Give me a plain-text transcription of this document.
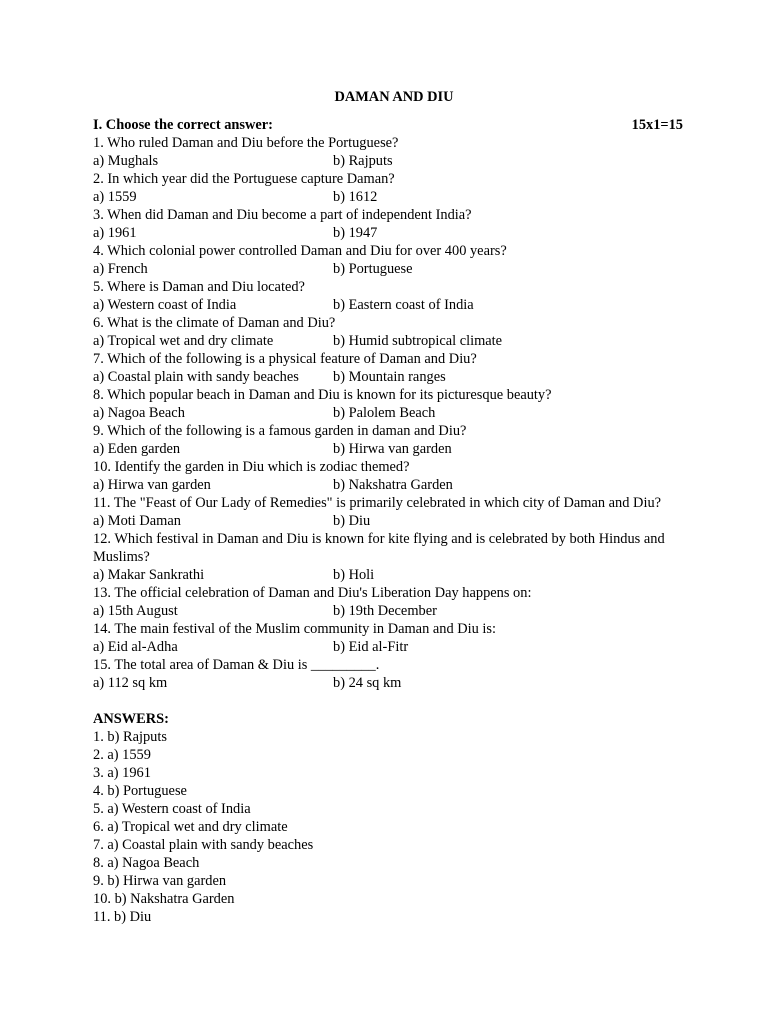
DAMAN AND DIU
I. Choose the correct answer:	15x1=15
1. Who ruled Daman and Diu before the Portuguese?
a) Mughals	b) Rajputs
2. In which year did the Portuguese capture Daman?
a) 1559	b) 1612
3. When did Daman and Diu become a part of independent India?
a) 1961	b) 1947
4. Which colonial power controlled Daman and Diu for over 400 years?
a) French	b) Portuguese
5. Where is Daman and Diu located?
a) Western coast of India	b) Eastern coast of India
6. What is the climate of Daman and Diu?
a) Tropical wet and dry climate	b) Humid subtropical climate
7. Which of the following is a physical feature of Daman and Diu?
a) Coastal plain with sandy beaches	b) Mountain ranges
8. Which popular beach in Daman and Diu is known for its picturesque beauty?
a) Nagoa Beach	b) Palolem Beach
9. Which of the following is a famous garden in daman and Diu?
a) Eden garden	b) Hirwa van garden
10. Identify the garden in Diu which is zodiac themed?
a) Hirwa van garden	b) Nakshatra Garden
11. The "Feast of Our Lady of Remedies" is primarily celebrated in which city of Daman and Diu?
a) Moti Daman	b) Diu
12. Which festival in Daman and Diu is known for kite flying and is celebrated by both Hindus and Muslims?
a) Makar Sankrathi	b) Holi
13. The official celebration of Daman and Diu's Liberation Day happens on:
a) 15th August	b) 19th December
14. The main festival of the Muslim community in Daman and Diu is:
a) Eid al-Adha	b) Eid al-Fitr
15. The total area of Daman & Diu is _________.
a) 112 sq km	b) 24 sq km
ANSWERS:
1. b) Rajputs
2. a) 1559
3. a) 1961
4. b) Portuguese
5. a) Western coast of India
6. a) Tropical wet and dry climate
7. a) Coastal plain with sandy beaches
8. a) Nagoa Beach
9. b) Hirwa van garden
10. b) Nakshatra Garden
11. b) Diu
